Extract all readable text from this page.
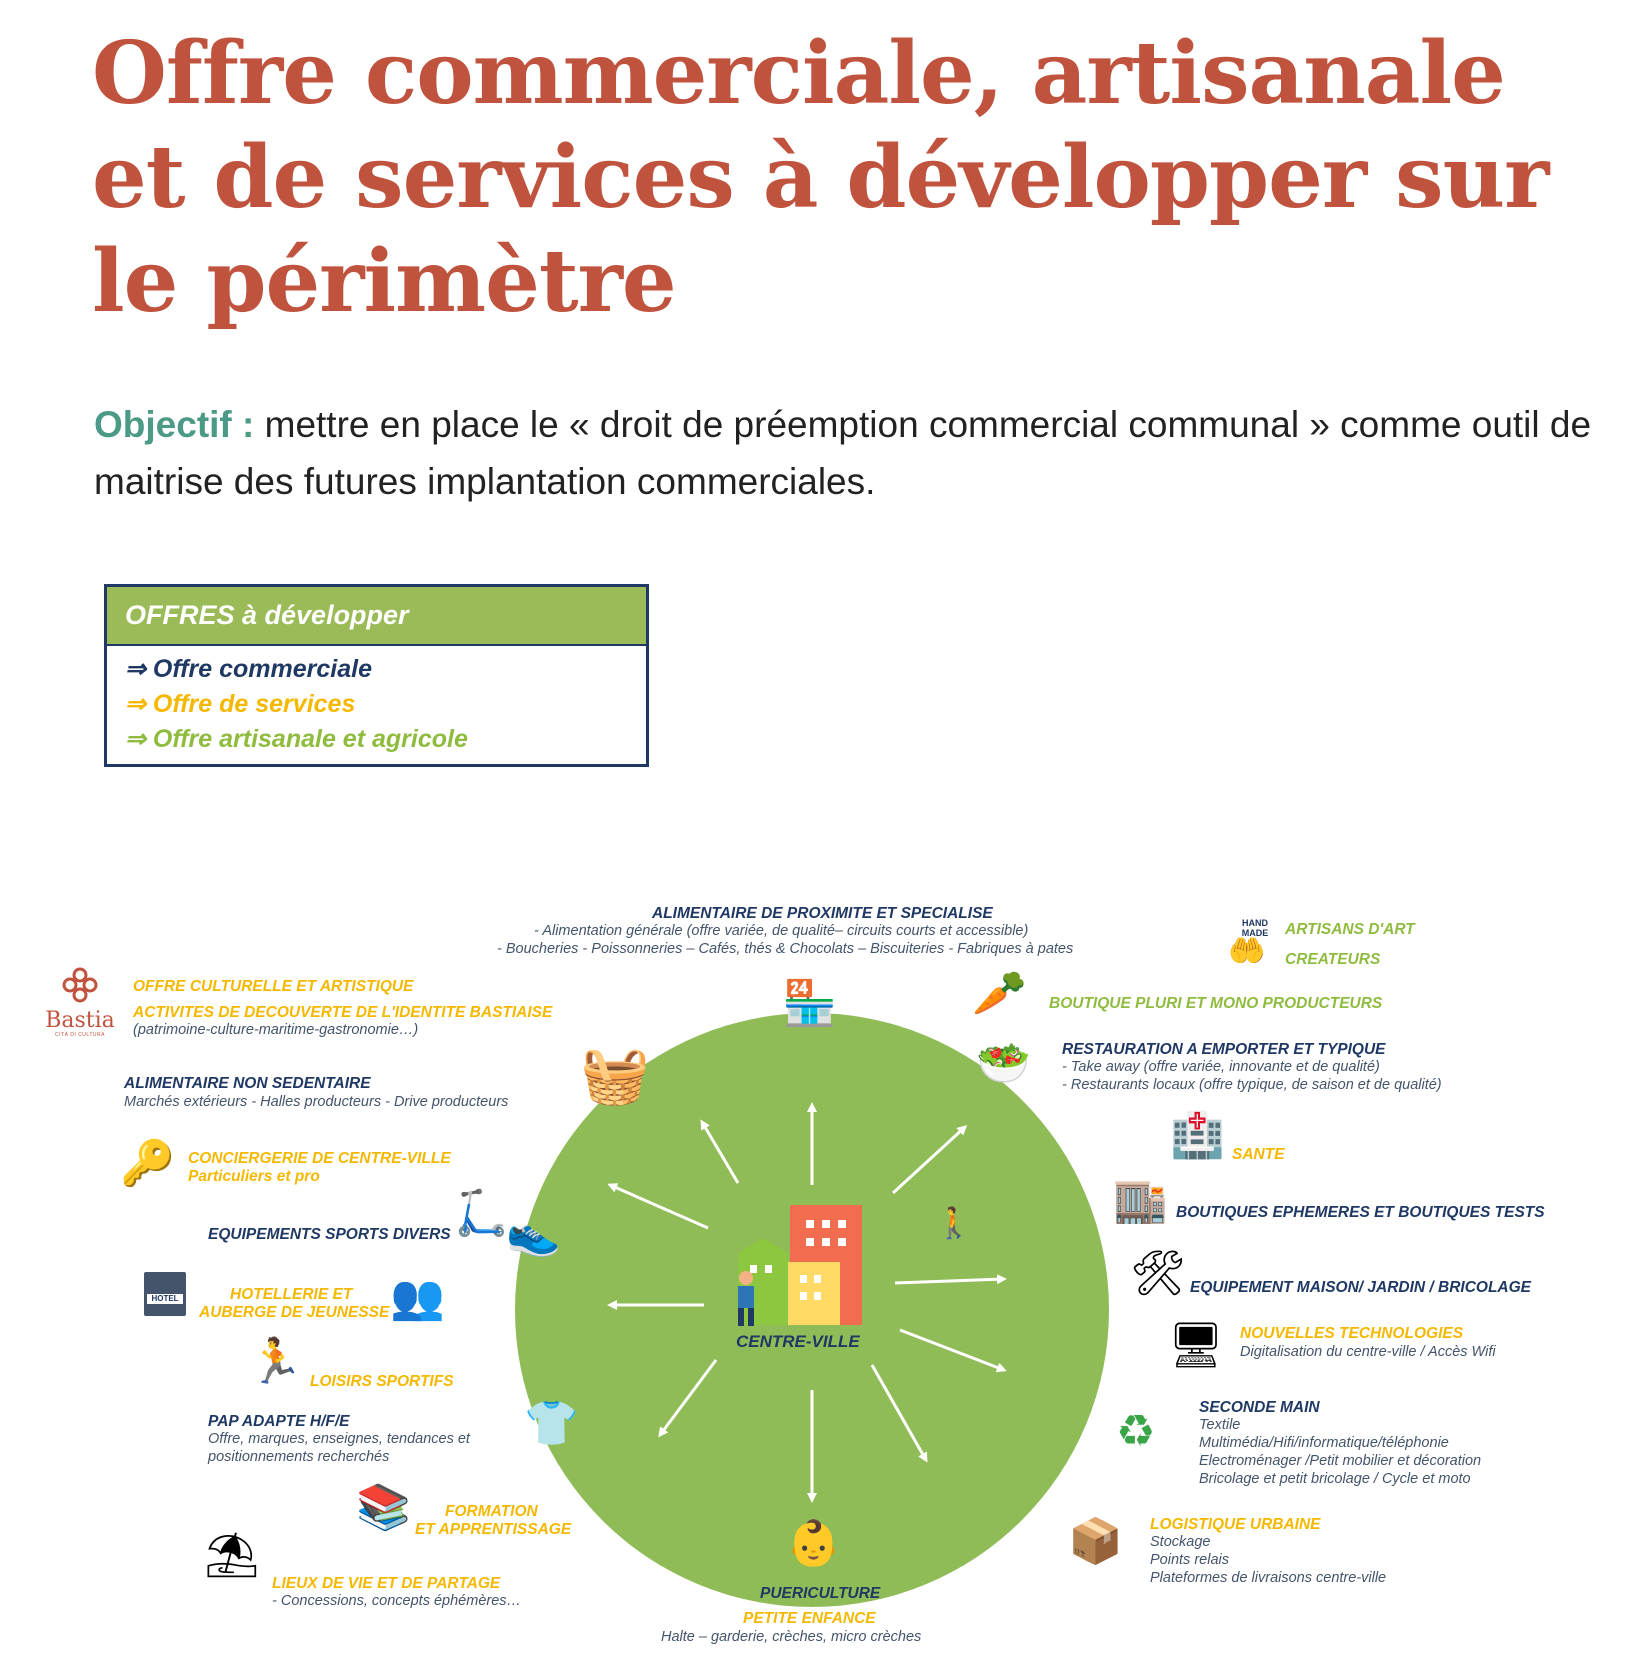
Offre commerciale, artisanale et de services à développer sur le périmètre

Objectif : mettre en place le « droit de préemption commercial communal » comme outil de maitrise des futures implantation commerciales.

OFFRES à développer
⇒ Offre commerciale
⇒ Offre de services
⇒ Offre artisanale et agricole
Bastia
CITÀ DI CULTURA
ALIMENTAIRE DE PROXIMITE ET SPECIALISE
- Alimentation générale (offre variée, de qualité– circuits courts et accessible)
- Boucheries - Poissonneries – Cafés, thés & Chocolats – Biscuiteries - Fabriques à pates
🏪
HAND MADE
🤲
ARTISANS D'ART
CREATEURS
🥕 BOUTIQUE PLURI ET MONO PRODUCTEURS
🥗 RESTAURATION A EMPORTER ET TYPIQUE
- Take away (offre variée, innovante et de qualité)
- Restaurants locaux (offre typique, de saison et de qualité)
🏥 SANTE
🏬 BOUTIQUES EPHEMERES ET BOUTIQUES TESTS
🚶
🛠 EQUIPEMENT MAISON/ JARDIN / BRICOLAGE
🖥 NOUVELLES TECHNOLOGIES
Digitalisation du centre-ville / Accès Wifi
♻	SECONDE MAIN
Textile
Multimédia/Hifi/informatique/téléphonie
Electroménager /Petit mobilier et décoration
Bricolage et petit bricolage / Cycle et moto
📦 LOGISTIQUE URBAINE
Stockage
Points relais
Plateformes de livraisons centre-ville
👶
PUERICULTURE
PETITE ENFANCE
Halte – garderie, crèches, micro crèches
⛱
LIEUX DE VIE ET DE PARTAGE
- Concessions, concepts éphémères…
📚 FORMATION
ET APPRENTISSAGE
👕
PAP ADAPTE H/F/E
Offre, marques, enseignes, tendances et
positionnements recherchés
🏃 LOISIRS SPORTIFS
HOTEL	HOTELLERIE ET
AUBERGE DE JEUNESSE 👥
EQUIPEMENTS SPORTS DIVERS 🛴
👟
🔑 CONCIERGERIE DE CENTRE-VILLE
Particuliers et pro
ALIMENTAIRE NON SEDENTAIRE
Marchés extérieurs - Halles producteurs - Drive producteurs 🧺
OFFRE CULTURELLE ET ARTISTIQUE
ACTIVITES DE DECOUVERTE DE L'IDENTITE BASTIAISE
(patrimoine-culture-maritime-gastronomie…)
CENTRE-VILLE
